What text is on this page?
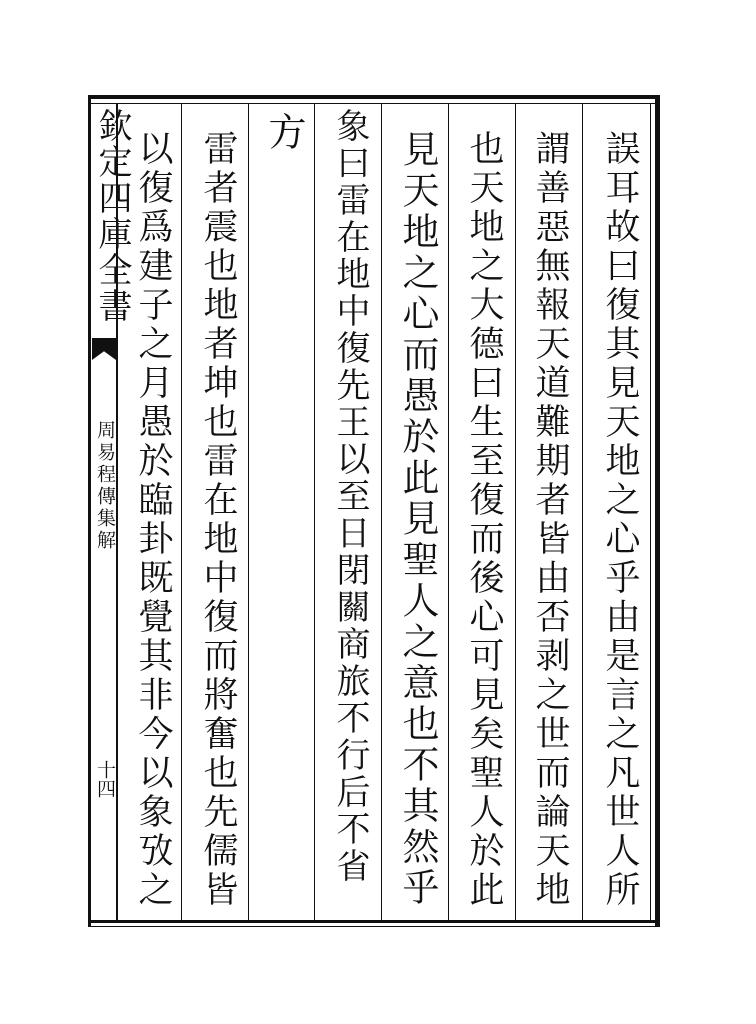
欽定四庫全書
周易程傳集解
十四	誤耳故曰復其見天地之心乎由是言之凡世人所
謂善惡無報天道難期者皆由否剥之世而論天地
也天地之大德曰生至復而後心可見矣聖人於此
見天地之心而愚於此見聖人之意也不其然乎
象曰雷在地中復先王以至日閉關商旅不行后不省
方
雷者震也地者坤也雷在地中復而將奮也先儒皆
以復爲建子之月愚於臨卦既覺其非今以象攷之
